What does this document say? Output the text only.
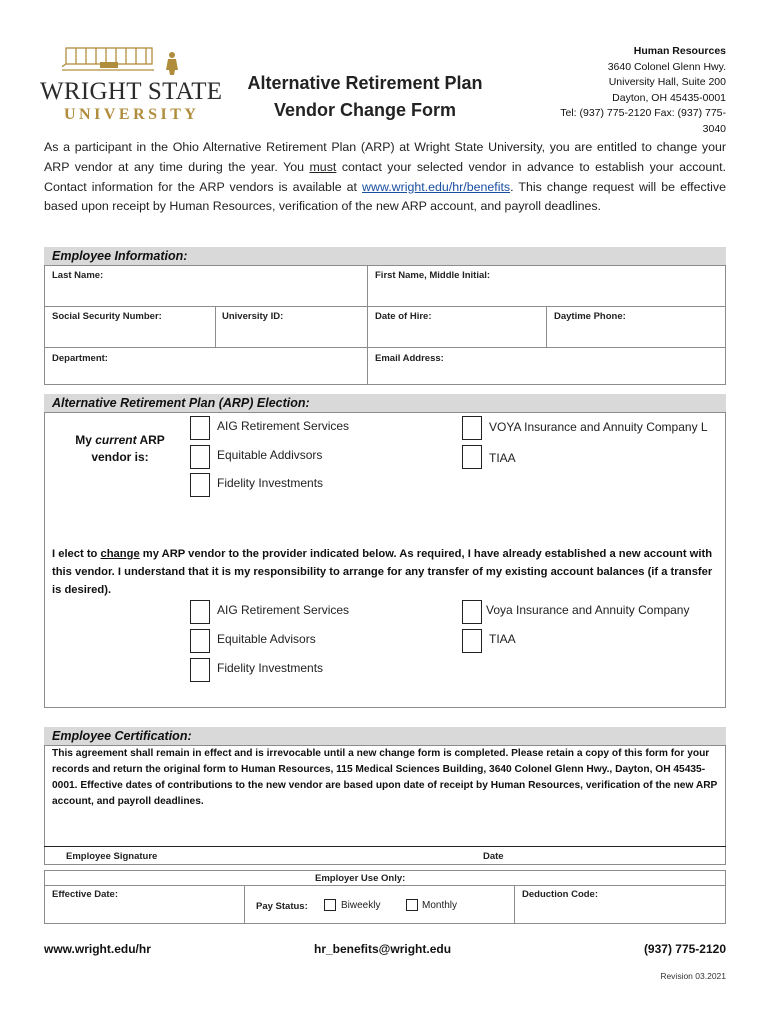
WRIGHT STATE
UNIVERSITY
Alternative Retirement Plan
Vendor Change Form
Human Resources
3640 Colonel Glenn Hwy.
University Hall, Suite 200
Dayton, OH 45435-0001
Tel: (937) 775-2120 Fax: (937) 775-
3040

As a participant in the Ohio Alternative Retirement Plan (ARP) at Wright State University, you are entitled to change your ARP vendor at any time during the year. You must contact your selected vendor in advance to establish your account. Contact information for the ARP vendors is available at www.wright.edu/hr/benefits. This change request will be effective based upon receipt by Human Resources, verification of the new ARP account, and payroll deadlines.

Employee Information:
Last Name:	First Name, Middle Initial:
Social Security Number:	University ID:	Date of Hire:	Daytime Phone:
Department:	Email Address:
Alternative Retirement Plan (ARP) Election:
My current ARP
vendor is:
AIG Retirement Services
Equitable Addivsors
Fidelity Investments
VOYA Insurance and Annuity Company L
TIAA

I elect to change my ARP vendor to the provider indicated below. As required, I have already established a new account with this vendor. I understand that it is my responsibility to arrange for any transfer of my existing account balances (if a transfer is desired).

AIG Retirement Services
Equitable Advisors
Fidelity Investments
Voya Insurance and Annuity Company
TIAA
Employee Certification:

This agreement shall remain in effect and is irrevocable until a new change form is completed. Please retain a copy of this form for your records and return the original form to Human Resources, 115 Medical Sciences Building, 3640 Colonel Glenn Hwy., Dayton, OH 45435-0001. Effective dates of contributions to the new vendor are based upon date of receipt by Human Resources, verification of the new ARP account, and payroll deadlines.

Employee Signature	Date
Employer Use Only:
Effective Date:
Pay Status:	Biweekly	Monthly
Deduction Code:
www.wright.edu/hr	hr_benefits@wright.edu	(937) 775-2120
Revision 03.2021
